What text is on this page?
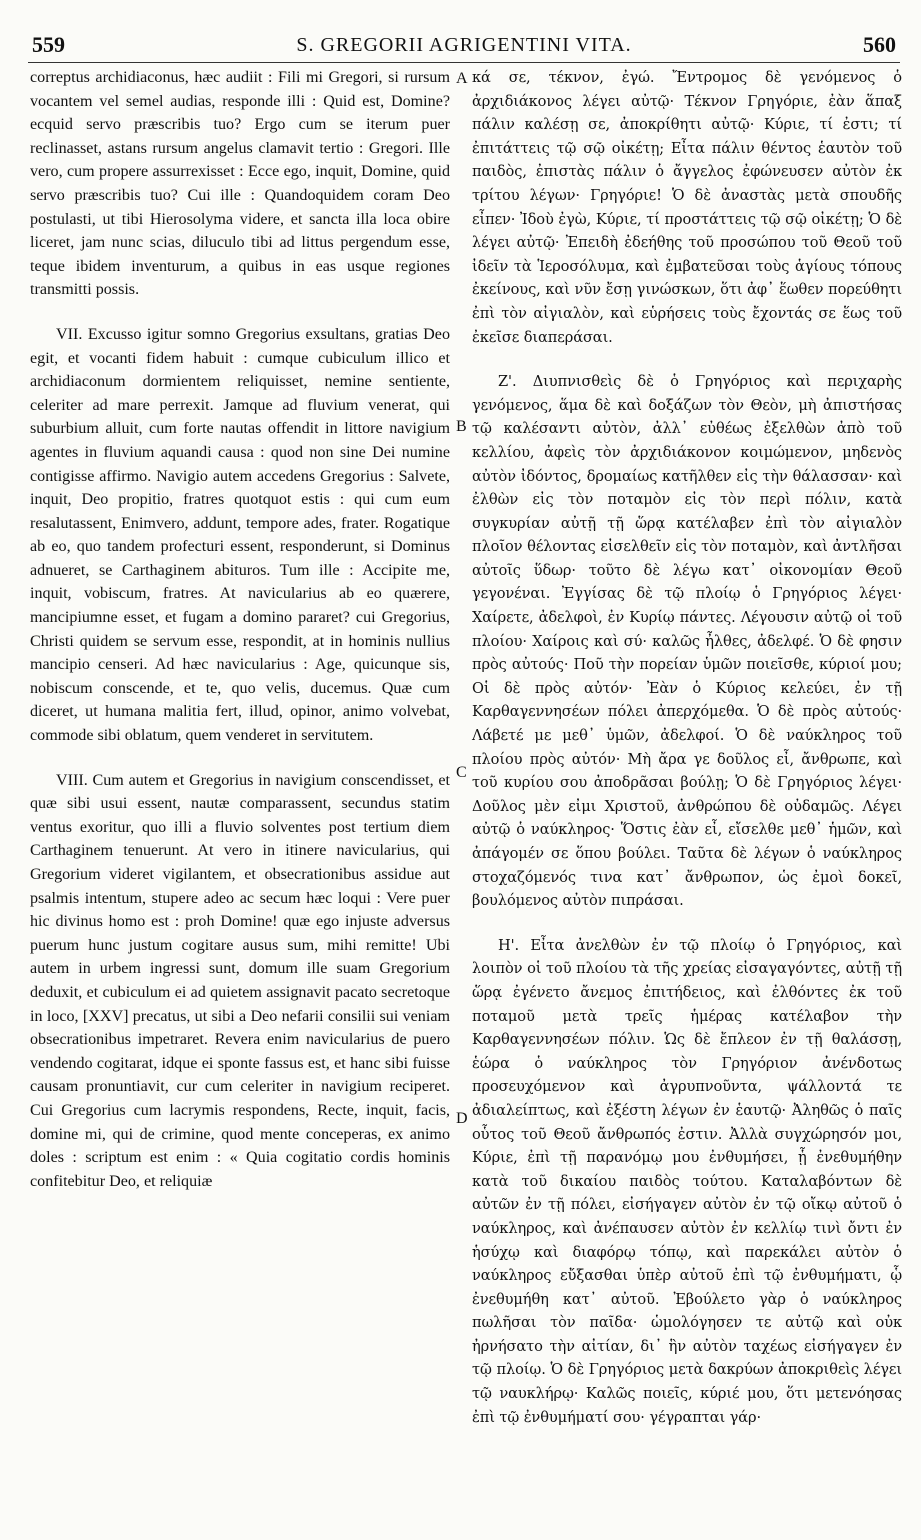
559	S. GREGORII AGRIGENTINI VITA.	560
A
B
C
D

correptus archidiaconus, hæc audiit : Fili mi Gregori, si rursum vocantem vel semel audias, responde illi : Quid est, Domine? ecquid servo præscribis tuo? Ergo cum se iterum puer reclinasset, astans rursum angelus clamavit tertio : Gregori. Ille vero, cum propere assurrexisset : Ecce ego, inquit, Domine, quid servo præscribis tuo? Cui ille : Quandoquidem coram Deo postulasti, ut tibi Hierosolyma videre, et sancta illa loca obire liceret, jam nunc scias, diluculo tibi ad littus pergendum esse, teque ibidem inventurum, a quibus in eas usque regiones transmitti possis.

VII. Excusso igitur somno Gregorius exsultans, gratias Deo egit, et vocanti fidem habuit : cumque cubiculum illico et archidiaconum dormientem reliquisset, nemine sentiente, celeriter ad mare perrexit. Jamque ad fluvium venerat, qui suburbium alluit, cum forte nautas offendit in littore navigium agentes in fluvium aquandi causa : quod non sine Dei numine contigisse affirmo. Navigio autem accedens Gregorius : Salvete, inquit, Deo propitio, fratres quotquot estis : qui cum eum resalutassent, Enimvero, addunt, tempore ades, frater. Rogatique ab eo, quo tandem profecturi essent, responderunt, si Dominus adnueret, se Carthaginem abituros. Tum ille : Accipite me, inquit, vobiscum, fratres. At navicularius ab eo quærere, mancipiumne esset, et fugam a domino pararet? cui Gregorius, Christi quidem se servum esse, respondit, at in hominis nullius mancipio censeri. Ad hæc navicularius : Age, quicunque sis, nobiscum conscende, et te, quo velis, ducemus. Quæ cum diceret, ut humana malitia fert, illud, opinor, animo volvebat, commode sibi oblatum, quem venderet in servitutem.

VIII. Cum autem et Gregorius in navigium conscendisset, et quæ sibi usui essent, nautæ comparassent, secundus statim ventus exoritur, quo illi a fluvio solventes post tertium diem Carthaginem tenuerunt. At vero in itinere navicularius, qui Gregorium videret vigilantem, et obsecrationibus assidue aut psalmis intentum, stupere adeo ac secum hæc loqui : Vere puer hic divinus homo est : proh Domine! quæ ego injuste adversus puerum hunc justum cogitare ausus sum, mihi remitte! Ubi autem in urbem ingressi sunt, domum ille suam Gregorium deduxit, et cubiculum ei ad quietem assignavit pacato secretoque in loco, [XXV] precatus, ut sibi a Deo nefarii consilii sui veniam obsecrationibus impetraret. Revera enim navicularius de puero vendendo cogitarat, idque ei sponte fassus est, et hanc sibi fuisse causam pronuntiavit, cur cum celeriter in navigium reciperet. Cui Gregorius cum lacrymis respondens, Recte, inquit, facis, domine mi, qui de crimine, quod mente conceperas, ex animo doles : scriptum est enim : « Quia cogitatio cordis hominis confitebitur Deo, et reliquiæ

κά σε, τέκνον, ἐγώ. Ἔντρομος δὲ γενόμενος ὁ ἀρχιδιάκονος λέγει αὐτῷ· Τέκνον Γρηγόριε, ἐὰν ἅπαξ πάλιν καλέσῃ σε, ἀποκρίθητι αὐτῷ· Κύριε, τί ἐστι; τί ἐπιτάττεις τῷ σῷ οἰκέτῃ; Εἶτα πάλιν θέντος ἑαυτὸν τοῦ παιδὸς, ἐπιστὰς πάλιν ὁ ἄγγελος ἐφώνευσεν αὐτὸν ἐκ τρίτου λέγων· Γρηγόριε! Ὁ δὲ ἀναστὰς μετὰ σπουδῆς εἶπεν· Ἰδοὺ ἐγὼ, Κύριε, τί προστάττεις τῷ σῷ οἰκέτῃ; Ὁ δὲ λέγει αὐτῷ· Ἐπειδὴ ἐδεήθης τοῦ προσώπου τοῦ Θεοῦ τοῦ ἰδεῖν τὰ Ἱεροσόλυμα, καὶ ἐμβατεῦσαι τοὺς ἁγίους τόπους ἐκείνους, καὶ νῦν ἔσῃ γινώσκων, ὅτι ἀφ᾽ ἕωθεν πορεύθητι ἐπὶ τὸν αἰγιαλὸν, καὶ εὑρήσεις τοὺς ἔχοντάς σε ἕως τοῦ ἐκεῖσε διαπεράσαι.

Ζ'. Διυπνισθεὶς δὲ ὁ Γρηγόριος καὶ περιχαρὴς γενόμενος, ἅμα δὲ καὶ δοξάζων τὸν Θεὸν, μὴ ἀπιστήσας τῷ καλέσαντι αὐτὸν, ἀλλ᾽ εὐθέως ἐξελθὼν ἀπὸ τοῦ κελλίου, ἀφεὶς τὸν ἀρχιδιάκονον κοιμώμενον, μηδενὸς αὐτὸν ἰδόντος, δρομαίως κατῆλθεν εἰς τὴν θάλασσαν· καὶ ἐλθὼν εἰς τὸν ποταμὸν εἰς τὸν περὶ πόλιν, κατὰ συγκυρίαν αὐτῇ τῇ ὥρᾳ κατέλαβεν ἐπὶ τὸν αἰγιαλὸν πλοῖον θέλοντας εἰσελθεῖν εἰς τὸν ποταμὸν, καὶ ἀντλῆσαι αὐτοῖς ὕδωρ· τοῦτο δὲ λέγω κατ᾽ οἰκονομίαν Θεοῦ γεγονέναι. Ἐγγίσας δὲ τῷ πλοίῳ ὁ Γρηγόριος λέγει· Χαίρετε, ἀδελφοὶ, ἐν Κυρίῳ πάντες. Λέγουσιν αὐτῷ οἱ τοῦ πλοίου· Χαίροις καὶ σύ· καλῶς ἦλθες, ἀδελφέ. Ὁ δὲ φησιν πρὸς αὐτούς· Ποῦ τὴν πορείαν ὑμῶν ποιεῖσθε, κύριοί μου; Οἱ δὲ πρὸς αὐτόν· Ἐὰν ὁ Κύριος κελεύει, ἐν τῇ Καρθαγεννησέων πόλει ἀπερχόμεθα. Ὁ δὲ πρὸς αὐτούς· Λάβετέ με μεθ᾽ ὑμῶν, ἀδελφοί. Ὁ δὲ ναύκληρος τοῦ πλοίου πρὸς αὐτόν· Μὴ ἄρα γε δοῦλος εἶ, ἄνθρωπε, καὶ τοῦ κυρίου σου ἀποδρᾶσαι βούλῃ; Ὁ δὲ Γρηγόριος λέγει· Δοῦλος μὲν εἰμι Χριστοῦ, ἀνθρώπου δὲ οὐδαμῶς. Λέγει αὐτῷ ὁ ναύκληρος· Ὅστις ἐὰν εἶ, εἴσελθε μεθ᾽ ἡμῶν, καὶ ἀπάγομέν σε ὅπου βούλει. Ταῦτα δὲ λέγων ὁ ναύκληρος στοχαζόμενός τινα κατ᾽ ἄνθρωπον, ὡς ἐμοὶ δοκεῖ, βουλόμενος αὐτὸν πιπράσαι.

Η'. Εἶτα ἀνελθὼν ἐν τῷ πλοίῳ ὁ Γρηγόριος, καὶ λοιπὸν οἱ τοῦ πλοίου τὰ τῆς χρείας εἰσαγαγόντες, αὐτῇ τῇ ὥρᾳ ἐγένετο ἄνεμος ἐπιτήδειος, καὶ ἐλθόντες ἐκ τοῦ ποταμοῦ μετὰ τρεῖς ἡμέρας κατέλαβον τὴν Καρθαγεννησέων πόλιν. Ὡς δὲ ἔπλεον ἐν τῇ θαλάσσῃ, ἑώρα ὁ ναύκληρος τὸν Γρηγόριον ἀνένδοτως προσευχόμενον καὶ ἀγρυπνοῦντα, ψάλλοντά τε ἀδιαλείπτως, καὶ ἐξέστη λέγων ἐν ἑαυτῷ· Ἀληθῶς ὁ παῖς οὗτος τοῦ Θεοῦ ἄνθρωπός ἐστιν. Ἀλλὰ συγχώρησόν μοι, Κύριε, ἐπὶ τῇ παρανόμῳ μου ἐνθυμήσει, ᾗ ἐνεθυμήθην κατὰ τοῦ δικαίου παιδὸς τούτου. Καταλαβόντων δὲ αὐτῶν ἐν τῇ πόλει, εἰσήγαγεν αὐτὸν ἐν τῷ οἴκῳ αὐτοῦ ὁ ναύκληρος, καὶ ἀνέπαυσεν αὐτὸν ἐν κελλίῳ τινὶ ὄντι ἐν ἡσύχῳ καὶ διαφόρῳ τόπῳ, καὶ παρεκάλει αὐτὸν ὁ ναύκληρος εὔξασθαι ὑπὲρ αὐτοῦ ἐπὶ τῷ ἐνθυμήματι, ᾧ ἐνεθυμήθη κατ᾽ αὐτοῦ. Ἐβούλετο γὰρ ὁ ναύκληρος πωλῆσαι τὸν παῖδα· ὡμολόγησεν τε αὐτῷ καὶ οὐκ ἠρνήσατο τὴν αἰτίαν, δι᾽ ἣν αὐτὸν ταχέως εἰσήγαγεν ἐν τῷ πλοίῳ. Ὁ δὲ Γρηγόριος μετὰ δακρύων ἀποκριθεὶς λέγει τῷ ναυκλήρῳ· Καλῶς ποιεῖς, κύριέ μου, ὅτι μετενόησας ἐπὶ τῷ ἐνθυμήματί σου· γέγραπται γάρ·
